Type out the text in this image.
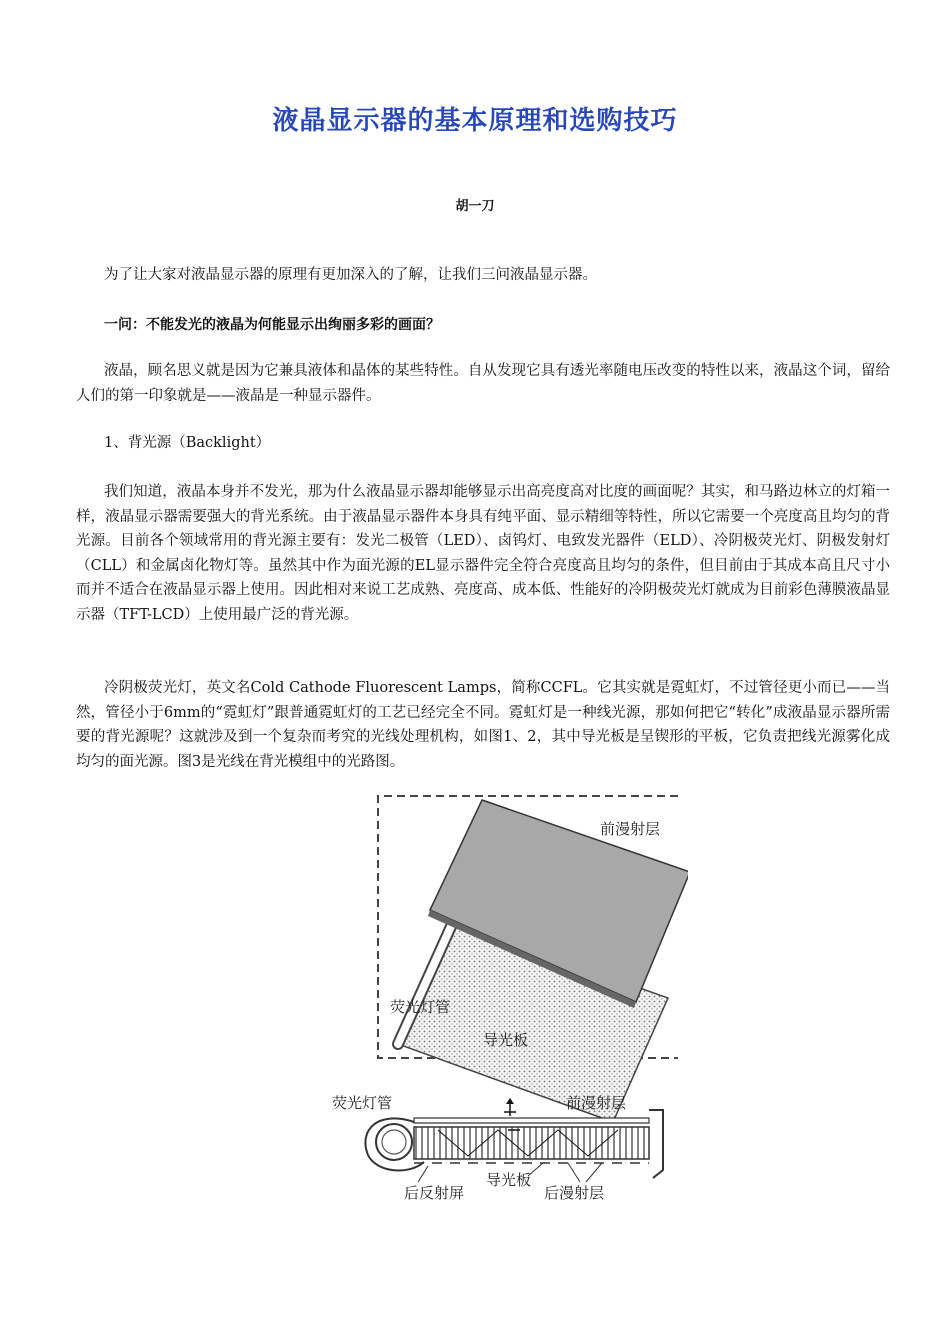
液晶显示器的基本原理和选购技巧
胡一刀

为了让大家对液晶显示器的原理有更加深入的了解，让我们三问液晶显示器。

一问：不能发光的液晶为何能显示出绚丽多彩的画面？

液晶，顾名思义就是因为它兼具液体和晶体的某些特性。自从发现它具有透光率随电压改变的特性以来，液晶这个词，留给人们的第一印象就是——液晶是一种显示器件。

1、背光源（Backlight）

我们知道，液晶本身并不发光，那为什么液晶显示器却能够显示出高亮度高对比度的画面呢？其实，和马路边林立的灯箱一样，液晶显示器需要强大的背光系统。由于液晶显示器件本身具有纯平面、显示精细等特性，所以它需要一个亮度高且均匀的背光源。目前各个领域常用的背光源主要有：发光二极管（LED）、卤钨灯、电致发光器件（ELD）、冷阴极荧光灯、阴极发射灯（CLL）和金属卤化物灯等。虽然其中作为面光源的EL显示器件完全符合亮度高且均匀的条件，但目前由于其成本高且尺寸小而并不适合在液晶显示器上使用。因此相对来说工艺成熟、亮度高、成本低、性能好的冷阴极荧光灯就成为目前彩色薄膜液晶显示器（TFT-LCD）上使用最广泛的背光源。

冷阴极荧光灯，英文名Cold Cathode Fluorescent Lamps，简称CCFL。它其实就是霓虹灯，不过管径更小而已——当然，管径小于6mm的“霓虹灯”跟普通霓虹灯的工艺已经完全不同。霓虹灯是一种线光源，那如何把它“转化”成液晶显示器所需要的背光源呢？这就涉及到一个复杂而考究的光线处理机构，如图1、2，其中导光板是呈锲形的平板，它负责把线光源雾化成均匀的面光源。图3是光线在背光模组中的光路图。

前漫射层
荧光灯管
导光板
荧光灯管	前漫射层
导光板
后反射屏	后漫射层
